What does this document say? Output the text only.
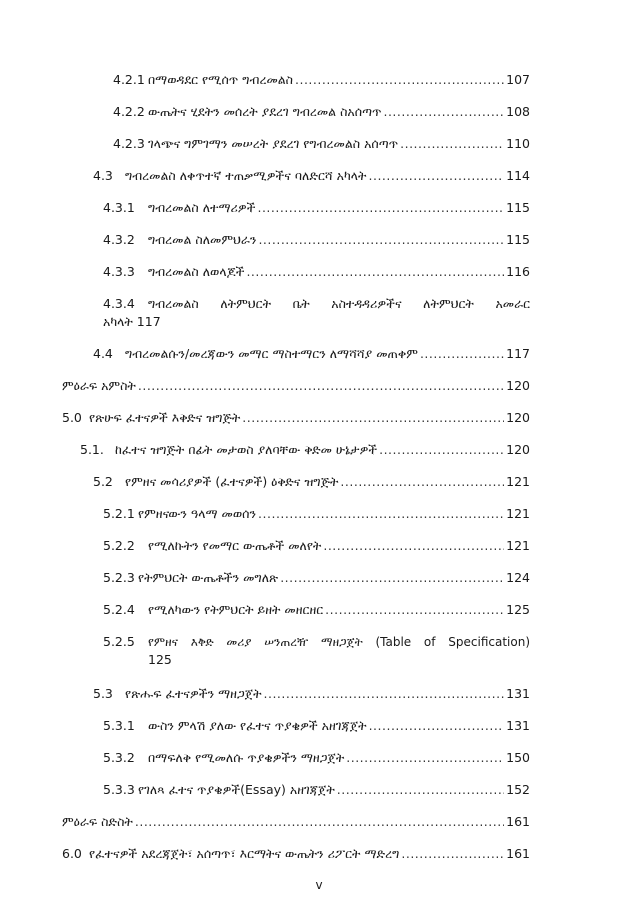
4.2.1 በማወዳደር የሚሰጥ ግብረመልስ .....	107
4.2.2 ውጤትና ሂደትን መሰረት ያደረገ ግብረመል ስአሰጣጥ .....	108
4.2.3 ገላጭና ግምገማን መሠረት ያደረገ የግብረመልስ አሰጣጥ .....	110
4.3 ግብረመልስ ለቀጥተኛ ተጠቃሚዎችና ባለድርሻ አካላት .....	114
4.3.1	ግብረመልስ ለተማሪዎች .....	115
4.3.2	ግብረመል ስለመምህራን .....	115
4.3.3	ግብረመልስ ለወላጆች .....	116
4.3.4	ግብረመልስ ለትምህርት ቤት አስተዳዳሪዎችና ለትምህርት አመራር
አካላት 117
4.4 ግብረመልሱን/መረጃውን መማር ማስተማርን ለማሻሻያ መጠቀም .....	117
ምዕራፍ አምስት .....	120
5.0 የጽሁፍ ፈተናዎች እቅድና ዝግጅት .....	120
5.1. ከፈተና ዝግጅት በፊት መታወስ ያለባቸው ቅድመ ሁኔታዎች .....	120
5.2 የምዘና መሳሪያዎች (ፈተናዎች) ዕቅድና ዝግጅት .....	121
5.2.1 የምዘናውን ዓላማ መወሰን .....	121
5.2.2	የሚለኩትን የመማር ውጤቶች መለየት .....	121
5.2.3 የትምህርት ውጤቶችን መግለጽ .....	124
5.2.4	የሚለካውን የትምህርት ይዘት መዘርዘር .....	125
5.2.5	የምዘና እቅድ መሪያ ሠንጠረዥ ማዘጋጀት (Table of Specification)
125
5.3 የጽሑፍ ፈተናዎችን ማዘጋጀት .....	131
5.3.1	ውስን ምላሽ ያለው የፈተና ጥያቄዎች አዘገጃጀት .....	131
5.3.2	በማፍለቅ የሚመለሱ ጥያቄዎችን ማዘጋጀት .....	150
5.3.3 የገለጻ ፈተና ጥያቄዎች(Essay) አዘገጃጀት .....	152
ምዕራፍ ስድስት .....	161
6.0 የፈተናዎች አደረጃጀት፣ አሰጣጥ፣ እርማትና ውጤትን ሪፖርት ማድረግ .....	161
v
